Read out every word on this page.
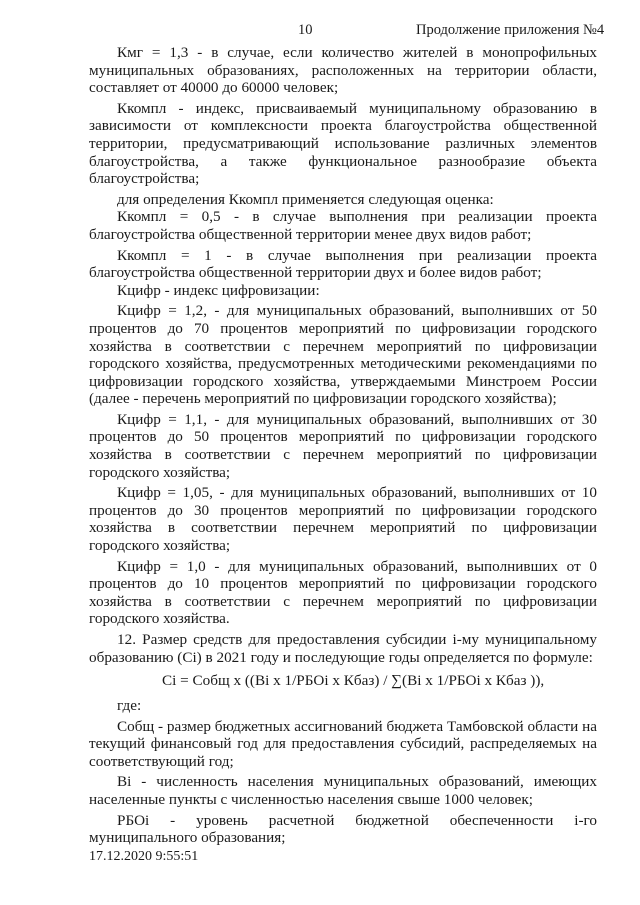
10	Продолжение приложения №4

Кмг = 1,3 - в случае, если количество жителей в монопрофильных муниципальных образованиях, расположенных на территории области, составляет от 40000 до 60000 человек;

Ккомпл - индекс, присваиваемый муниципальному образованию в зависимости от комплексности проекта благоустройства общественной территории, предусматривающий использование различных элементов благоустройства, а также функциональное разнообразие объекта благоустройства;

для определения Ккомпл применяется следующая оценка:

Ккомпл = 0,5 - в случае выполнения при реализации проекта благоустройства общественной территории менее двух видов работ;

Ккомпл = 1 - в случае выполнения при реализации проекта благоустройства общественной территории двух и более видов работ;

Кцифр - индекс цифровизации:

Кцифр = 1,2, - для муниципальных образований, выполнивших от 50 процентов до 70 процентов мероприятий по цифровизации городского хозяйства в соответствии с перечнем мероприятий по цифровизации городского хозяйства, предусмотренных методическими рекомендациями по цифровизации городского хозяйства, утверждаемыми Минстроем России (далее - перечень мероприятий по цифровизации городского хозяйства);

Кцифр = 1,1, - для муниципальных образований, выполнивших от 30 процентов до 50 процентов мероприятий по цифровизации городского хозяйства в соответствии с перечнем мероприятий по цифровизации городского хозяйства;

Кцифр = 1,05, - для муниципальных образований, выполнивших от 10 процентов до 30 процентов мероприятий по цифровизации городского хозяйства в соответствии перечнем мероприятий по цифровизации городского хозяйства;

Кцифр = 1,0 - для муниципальных образований, выполнивших от 0 процентов до 10 процентов мероприятий по цифровизации городского хозяйства в соответствии с перечнем мероприятий по цифровизации городского хозяйства.

12. Размер средств для предоставления субсидии i-му муниципальному образованию (Сi) в 2021 году и последующие годы определяется по формуле:

Сi = Собщ х ((Вi х 1/РБОi х Кбаз) / ∑(Вi х 1/РБОi х Кбаз )),

где:

Собщ - размер бюджетных ассигнований бюджета Тамбовской области на текущий финансовый год для предоставления субсидий, распределяемых на соответствующий год;

Вi - численность населения муниципальных образований, имеющих населенные пункты с численностью населения свыше 1000 человек;

РБОi - уровень расчетной бюджетной обеспеченности i-го муниципального образования;

17.12.2020 9:55:51
